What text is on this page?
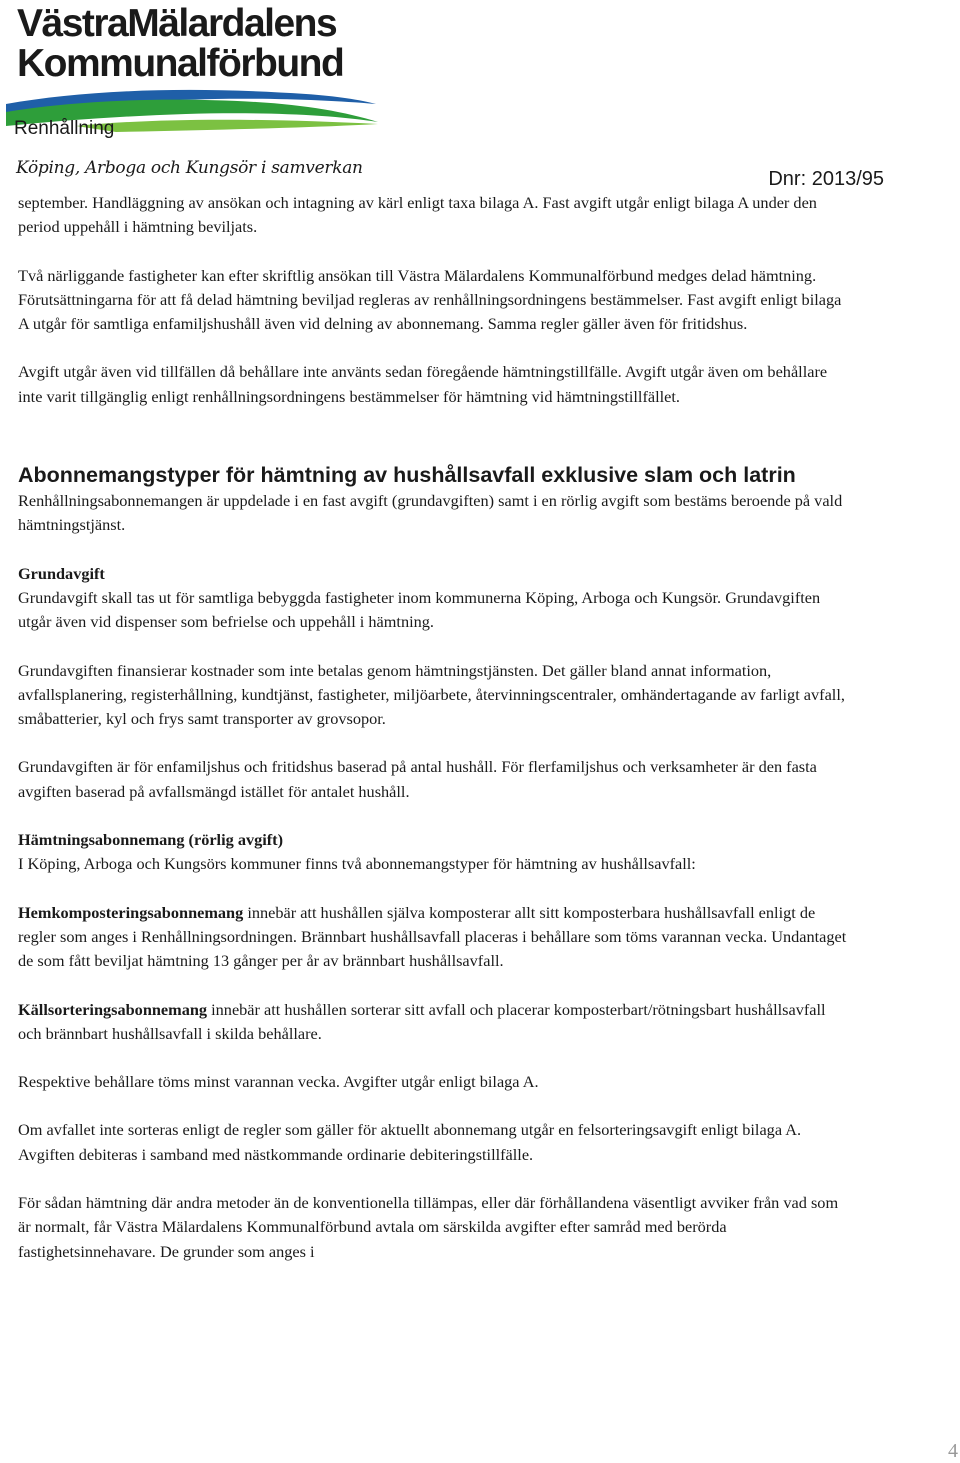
VästraMälardalens
Kommunalförbund
Renhållning
Köping, Arboga och Kungsör i samverkan	Dnr: 2013/95

september. Handläggning av ansökan och intagning av kärl enligt taxa bilaga A. Fast avgift utgår enligt bilaga A under den period uppehåll i hämtning beviljats.

Två närliggande fastigheter kan efter skriftlig ansökan till Västra Mälardalens Kommunalförbund medges delad hämtning. Förutsättningarna för att få delad hämtning beviljad regleras av renhållningsordningens bestämmelser. Fast avgift enligt bilaga A utgår för samtliga enfamiljshushåll även vid delning av abonnemang. Samma regler gäller även för fritidshus.

Avgift utgår även vid tillfällen då behållare inte använts sedan föregående hämtningstillfälle. Avgift utgår även om behållare inte varit tillgänglig enligt renhållningsordningens bestämmelser för hämtning vid hämtningstillfället.

Abonnemangstyper för hämtning av hushållsavfall exklusive slam och latrin

Renhållningsabonnemangen är uppdelade i en fast avgift (grundavgiften) samt i en rörlig avgift som bestäms beroende på vald hämtningstjänst.

Grundavgift
Grundavgift skall tas ut för samtliga bebyggda fastigheter inom kommunerna Köping, Arboga och Kungsör. Grundavgiften utgår även vid dispenser som befrielse och uppehåll i hämtning.

Grundavgiften finansierar kostnader som inte betalas genom hämtningstjänsten. Det gäller bland annat information, avfallsplanering, registerhållning, kundtjänst, fastigheter, miljöarbete, återvinningscentraler, omhändertagande av farligt avfall, småbatterier, kyl och frys samt transporter av grovsopor.

Grundavgiften är för enfamiljshus och fritidshus baserad på antal hushåll. För flerfamiljshus och verksamheter är den fasta avgiften baserad på avfallsmängd istället för antalet hushåll.

Hämtningsabonnemang (rörlig avgift)
I Köping, Arboga och Kungsörs kommuner finns två abonnemangstyper för hämtning av hushållsavfall:

Hemkomposteringsabonnemang innebär att hushållen själva komposterar allt sitt komposterbara hushållsavfall enligt de regler som anges i Renhållningsordningen. Brännbart hushållsavfall placeras i behållare som töms varannan vecka. Undantaget de som fått beviljat hämtning 13 gånger per år av brännbart hushållsavfall.

Källsorteringsabonnemang innebär att hushållen sorterar sitt avfall och placerar komposterbart/rötningsbart hushållsavfall och brännbart hushållsavfall i skilda behållare.

Respektive behållare töms minst varannan vecka. Avgifter utgår enligt bilaga A.

Om avfallet inte sorteras enligt de regler som gäller för aktuellt abonnemang utgår en felsorteringsavgift enligt bilaga A. Avgiften debiteras i samband med nästkommande ordinarie debiteringstillfälle.

För sådan hämtning där andra metoder än de konventionella tillämpas, eller där förhållandena väsentligt avviker från vad som är normalt, får Västra Mälardalens Kommunalförbund avtala om särskilda avgifter efter samråd med berörda fastighetsinnehavare. De grunder som anges i

4
